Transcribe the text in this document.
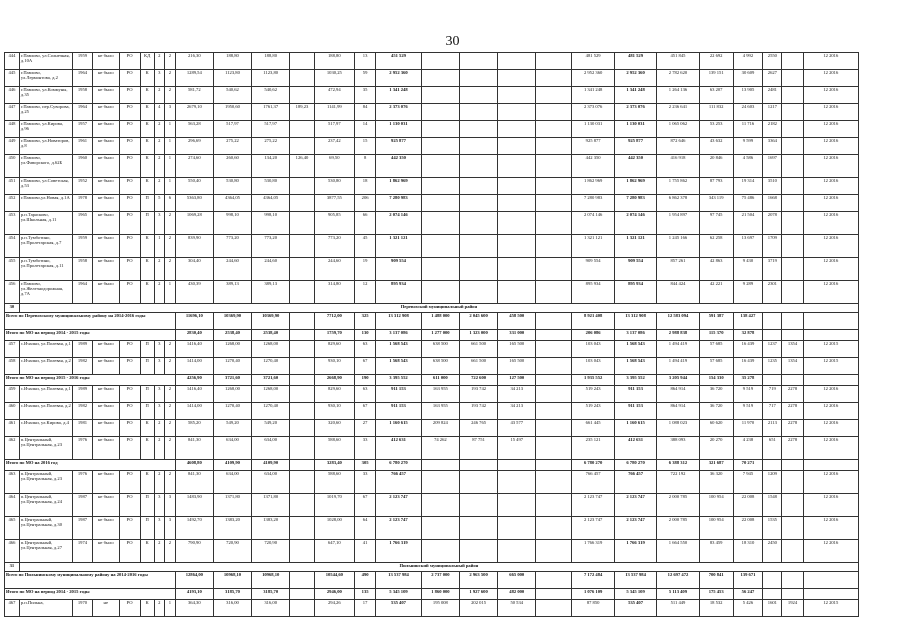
30
444	г.Павлово, ул.Солнечная, д.10А	1959	не было	РО	КД	2	2	216,30	188,80	188,80		188,80	13	451 529					481 529	481 529	451 845	22 692	4 992	2550		12 2016
445	г.Павлово, ул.Лермонтова, д.2	1964	не было	РО	К	3	2	1289,54	1123,80	1123,80		1030,25	59	2 952 360					2 952 360	2 952 360	2 782 620	139 151	30 609	2627		12 2016
446	г.Павлово, ул.Коммуны, д.35	1958	не было	РО	К	2	2	581,72	540,62	540,62		472,94	35	1 341 248					1 341 248	1 341 248	1 264 136	63 207	13 905	2481		12 2016
447	г.Павлово, пер.Суворова, д.25	1964	не было	РО	К	4	3	2679,10	1950,60	1761,37	189,23	1141,99	84	2 373 076					2 373 076	2 373 076	2 236 641	111 832	24 603	1217		12 2016
448	г.Павлово, ул.Кирова, д.96	1957	не было	РО	К	2	1	563,28	517,97	517,97		517,97	14	1 130 031					1 130 031	1 130 031	1 065 062	53 253	11 716	2182		12 2016
449	г.Павлово, ул.Новаторов, д.8	1961	не было	РО	К	2	1	296,69	275,22	275,22		237,42	15	925 877					925 877	925 877	872 646	43 632	9 599	3364		12 2016
450	г.Павлово, ул.Фаворского, д.62Б	1960	не было	РО	К	2	1	274,60	260,60	134,20	126,40	69,50	8	442 350					442 350	442 350	416 918	20 846	4 586	1697		12 2016
451	г.Павлово, ул.Советская, д.53	1952	не было	РО	К	2	1	550,40	530,80	530,80		530,80	18	1 862 969					1 862 969	1 862 969	1 755 862	87 793	19 314	3510		12 2016
452	г.Павлово,ул.Новая, д.1А	1978	не было	РО	П	5	6	5363,80	4364,05	4364,05		3877,55	206	7 280 983					7 280 983	7 280 983	6 862 378	343 119	75 486	1668		12 2016
453	р.п.Тарасково, ул.Школьная, д.11	1965	не было	РО	П	3	2	1069,28	998,10	998,10		905,85	66	2 074 146					2 074 146	2 074 146	1 954 897	97 745	21 504	2078		12 2016
454	р.п.Тумботино, ул.Пролетарская, д.7	1959	не было	РО	К	1	2	839,90	773,20	773,20		773,20	45	1 321 121					1 321 121	1 321 121	1 245 166	62 258	13 697	1709		12 2016
455	р.п.Тумботино, ул.Пролетарская, д.11	1958	не было	РО	К	2	2	304,40	244,60	244,60		244,60	19	909 554					909 554	909 554	857 261	42 863	9 430	3719		12 2016
456	г.Павлово, ул.Железнодорожная, д.7А	1964	не было	РО	К	2	1	430,39	389,13	389,13		314,80	12	895 934					895 934	895 934	844 424	42 221	9 289	2301		12 2016
30	Перевозский муниципальный район																									
Всего по Перевозскому муниципальному району на 2014-2016 годы								11696,10	10369,90	10369,90		7712,00	325	13 312 908	1 488 000	2 045 600	458 500		8 921 408	13 312 908	12 583 094	591 387	138 427			
Итого по МО на период 2014 - 2015 годы								2830,40	2538,40	2538,40		1759,70	130	3 137 086	1 277 000	1 323 000	331 000		206 086	3 137 086	2 988 838	115 370	32 878			
457	с.Ичалки, ул.Полевая, д.1	1989	не было	РО	П	3	2	1416,40	1268,00	1268,00		829,60	63	1 568 543	638 500	661 500	165 500		103 043	1 568 543	1 494 419	57 685	16 439	1237	1354	12 2015
458	с.Ичалки, ул.Полевая, д.2	1982	не было	РО	П	3	2	1414,00	1270,40	1270,40		930,10	67	1 568 543	638 500	661 500	165 500		103 043	1 568 543	1 494 419	57 685	16 439	1235	1354	12 2015
Итого по МО на период 2015 - 2016 годы								4256,90	3721,60	3721,60		2668,90	190	3 395 552	611 000	722 600	127 500		1 935 552	3 395 552	3 205 944	154 330	35 278			
459	с.Ичалки, ул.Полевая, д.1	1989	не было	РО	П	3	2	1416,40	1268,00	1268,00		829,60	63	911 153	163 955	193 742	34 213		519 243	911 153	864 914	36 720	9 519	719	2278	12 2016
460	с.Ичалки, ул.Полевая, д.2	1982	не было	РО	П	3	2	1414,00	1270,40	1270,40		930,10	67	911 153	163 955	193 742	34 213		519 243	911 153	864 914	36 720	9 519	717	2278	12 2016
461	с.Ичалки, ул.Кирова, д.4	1981	не было	РО	К	2	2	585,20	549,20	549,20		320,60	27	1 160 615	209 824	246 765	43 577		661 445	1 160 615	1 088 023	60 620	11 970	2113	2278	12 2016
462	п.Центральный, ул.Центральная, д.23	1976	не было	РО	К	2	2	841,30	634,00	634,00		588,60	33	412 631	74 262	87 751	15 497		235 121	412 631	388 093	20 270	4 238	651	2278	12 2016
Итого по МО на 2016 год								4608,80	4109,90	4109,90		3283,40	305	6 780 270					6 780 270	6 780 270	6 388 312	321 687	70 271			
463	п.Центральный, ул.Центральная, д.23	1976	не было	РО	К	2	2	841,30	634,00	634,00		588,60	33	766 457					766 457	766 457	722 192	36 320	7 945	1209		12 2016
464	п.Центральный, ул.Центральная, д.24	1987	не было	РО	П	3	3	1483,90	1371,80	1371,80		1019,70	67	2 123 747					2 123 747	2 123 747	2 000 785	100 954	22 008	1548		12 2016
465	п.Центральный, ул.Центральная, д.30	1987	не было	РО	П	3	3	1492,70	1383,20	1383,20		1028,00	64	2 123 747					2 123 747	2 123 747	2 000 785	100 954	22 008	1535		12 2016
466	п.Центральный, ул.Центральная, д.27	1974	не было	РО	К	2	2	790,90	720,90	720,90		647,10	41	1 766 319					1 766 319	1 766 319	1 664 550	83 459	18 310	2450		12 2016
31	Пильнинский муниципальный район																									
Всего по Пильнинскому муниципальному району на 2014-2016 годы								12864,00	10968,10	10968,10		10544,60	490	13 537 984	2 737 000	2 963 500	665 000		7 172 484	13 537 984	12 697 472	700 841	139 671			
Итого по МО на период 2014 - 2015 годы								4193,10	3185,70	3185,70		2946,00	135	5 345 109	1 860 000	1 927 600	482 000		1 076 109	5 345 109	5 113 409	175 453	56 247			
467	р.п.Пильна,	1970	не	РО	К	2	1	364,30	316,00	316,00		294,26	17	535 407	195 008	202 015	50 534		87 850	535 407	511 449	18 532	5 426	1601	1924	12 2015
